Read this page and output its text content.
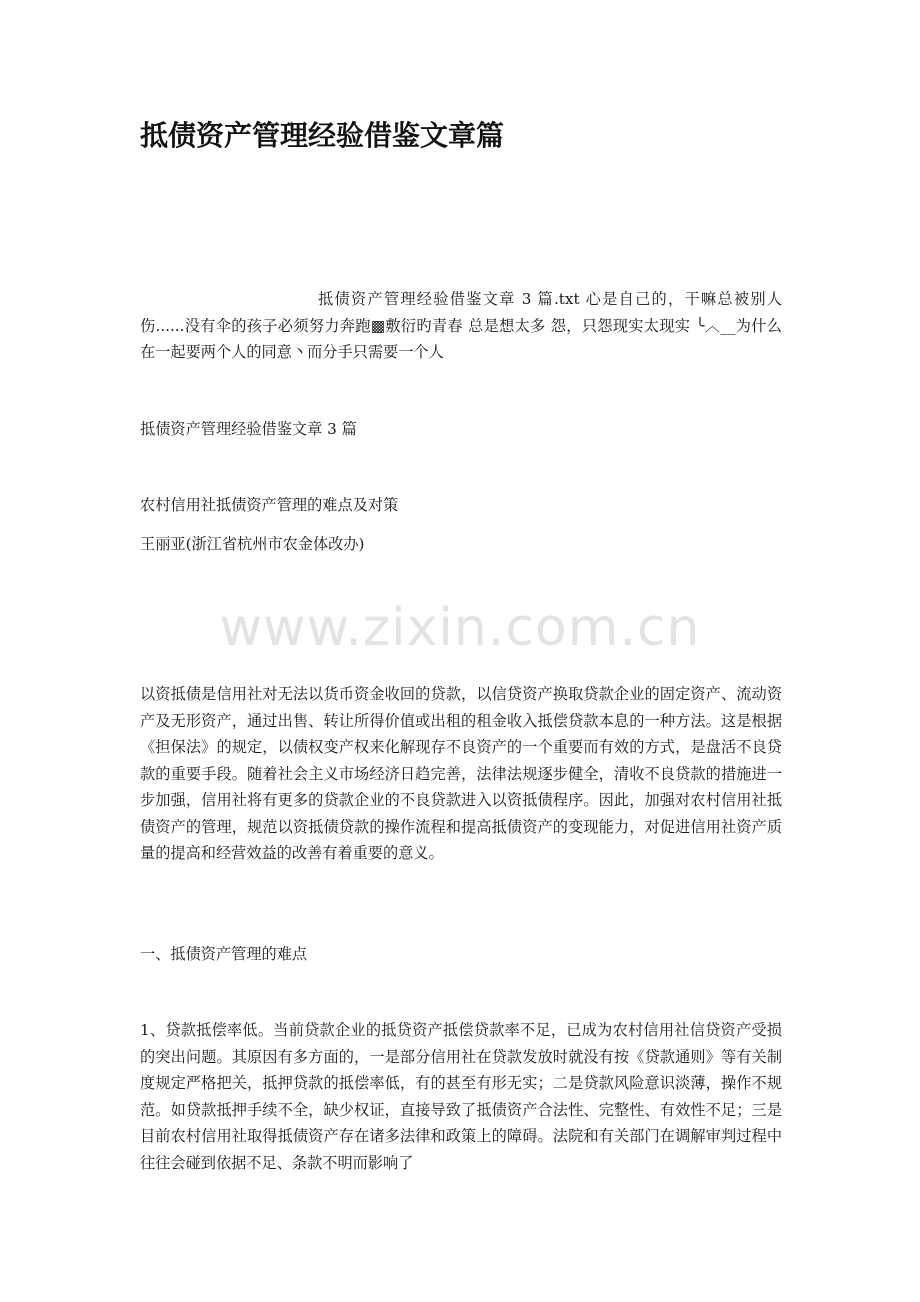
抵债资产管理经验借鉴文章篇

抵债资产管理经验借鉴文章 3 篇.txt 心是自己的，干嘛总被别人伤......没有伞的孩子必须努力奔跑▩敷衍旳青春 总是想太多 怨，只怨现实太现实 ╰︿__为什么在一起要两个人的同意丶而分手只需要一个人

抵债资产管理经验借鉴文章 3 篇

农村信用社抵债资产管理的难点及对策

王丽亚(浙江省杭州市农金体改办)

www.zixin.com.cn

以资抵债是信用社对无法以货币资金收回的贷款，以信贷资产换取贷款企业的固定资产、流动资产及无形资产，通过出售、转让所得价值或出租的租金收入抵偿贷款本息的一种方法。这是根据《担保法》的规定，以债权变产权来化解现存不良资产的一个重要而有效的方式，是盘活不良贷款的重要手段。随着社会主义市场经济日趋完善，法律法规逐步健全，清收不良贷款的措施进一步加强，信用社将有更多的贷款企业的不良贷款进入以资抵债程序。因此，加强对农村信用社抵债资产的管理，规范以资抵债贷款的操作流程和提高抵债资产的变现能力，对促进信用社资产质量的提高和经营效益的改善有着重要的意义。

一、抵债资产管理的难点

1、贷款抵偿率低。当前贷款企业的抵贷资产抵偿贷款率不足，已成为农村信用社信贷资产受损的突出问题。其原因有多方面的，一是部分信用社在贷款发放时就没有按《贷款通则》等有关制度规定严格把关，抵押贷款的抵偿率低，有的甚至有形无实；二是贷款风险意识淡薄，操作不规范。如贷款抵押手续不全，缺少权证，直接导致了抵债资产合法性、完整性、有效性不足；三是目前农村信用社取得抵债资产存在诸多法律和政策上的障碍。法院和有关部门在调解审判过程中往往会碰到依据不足、条款不明而影响了
